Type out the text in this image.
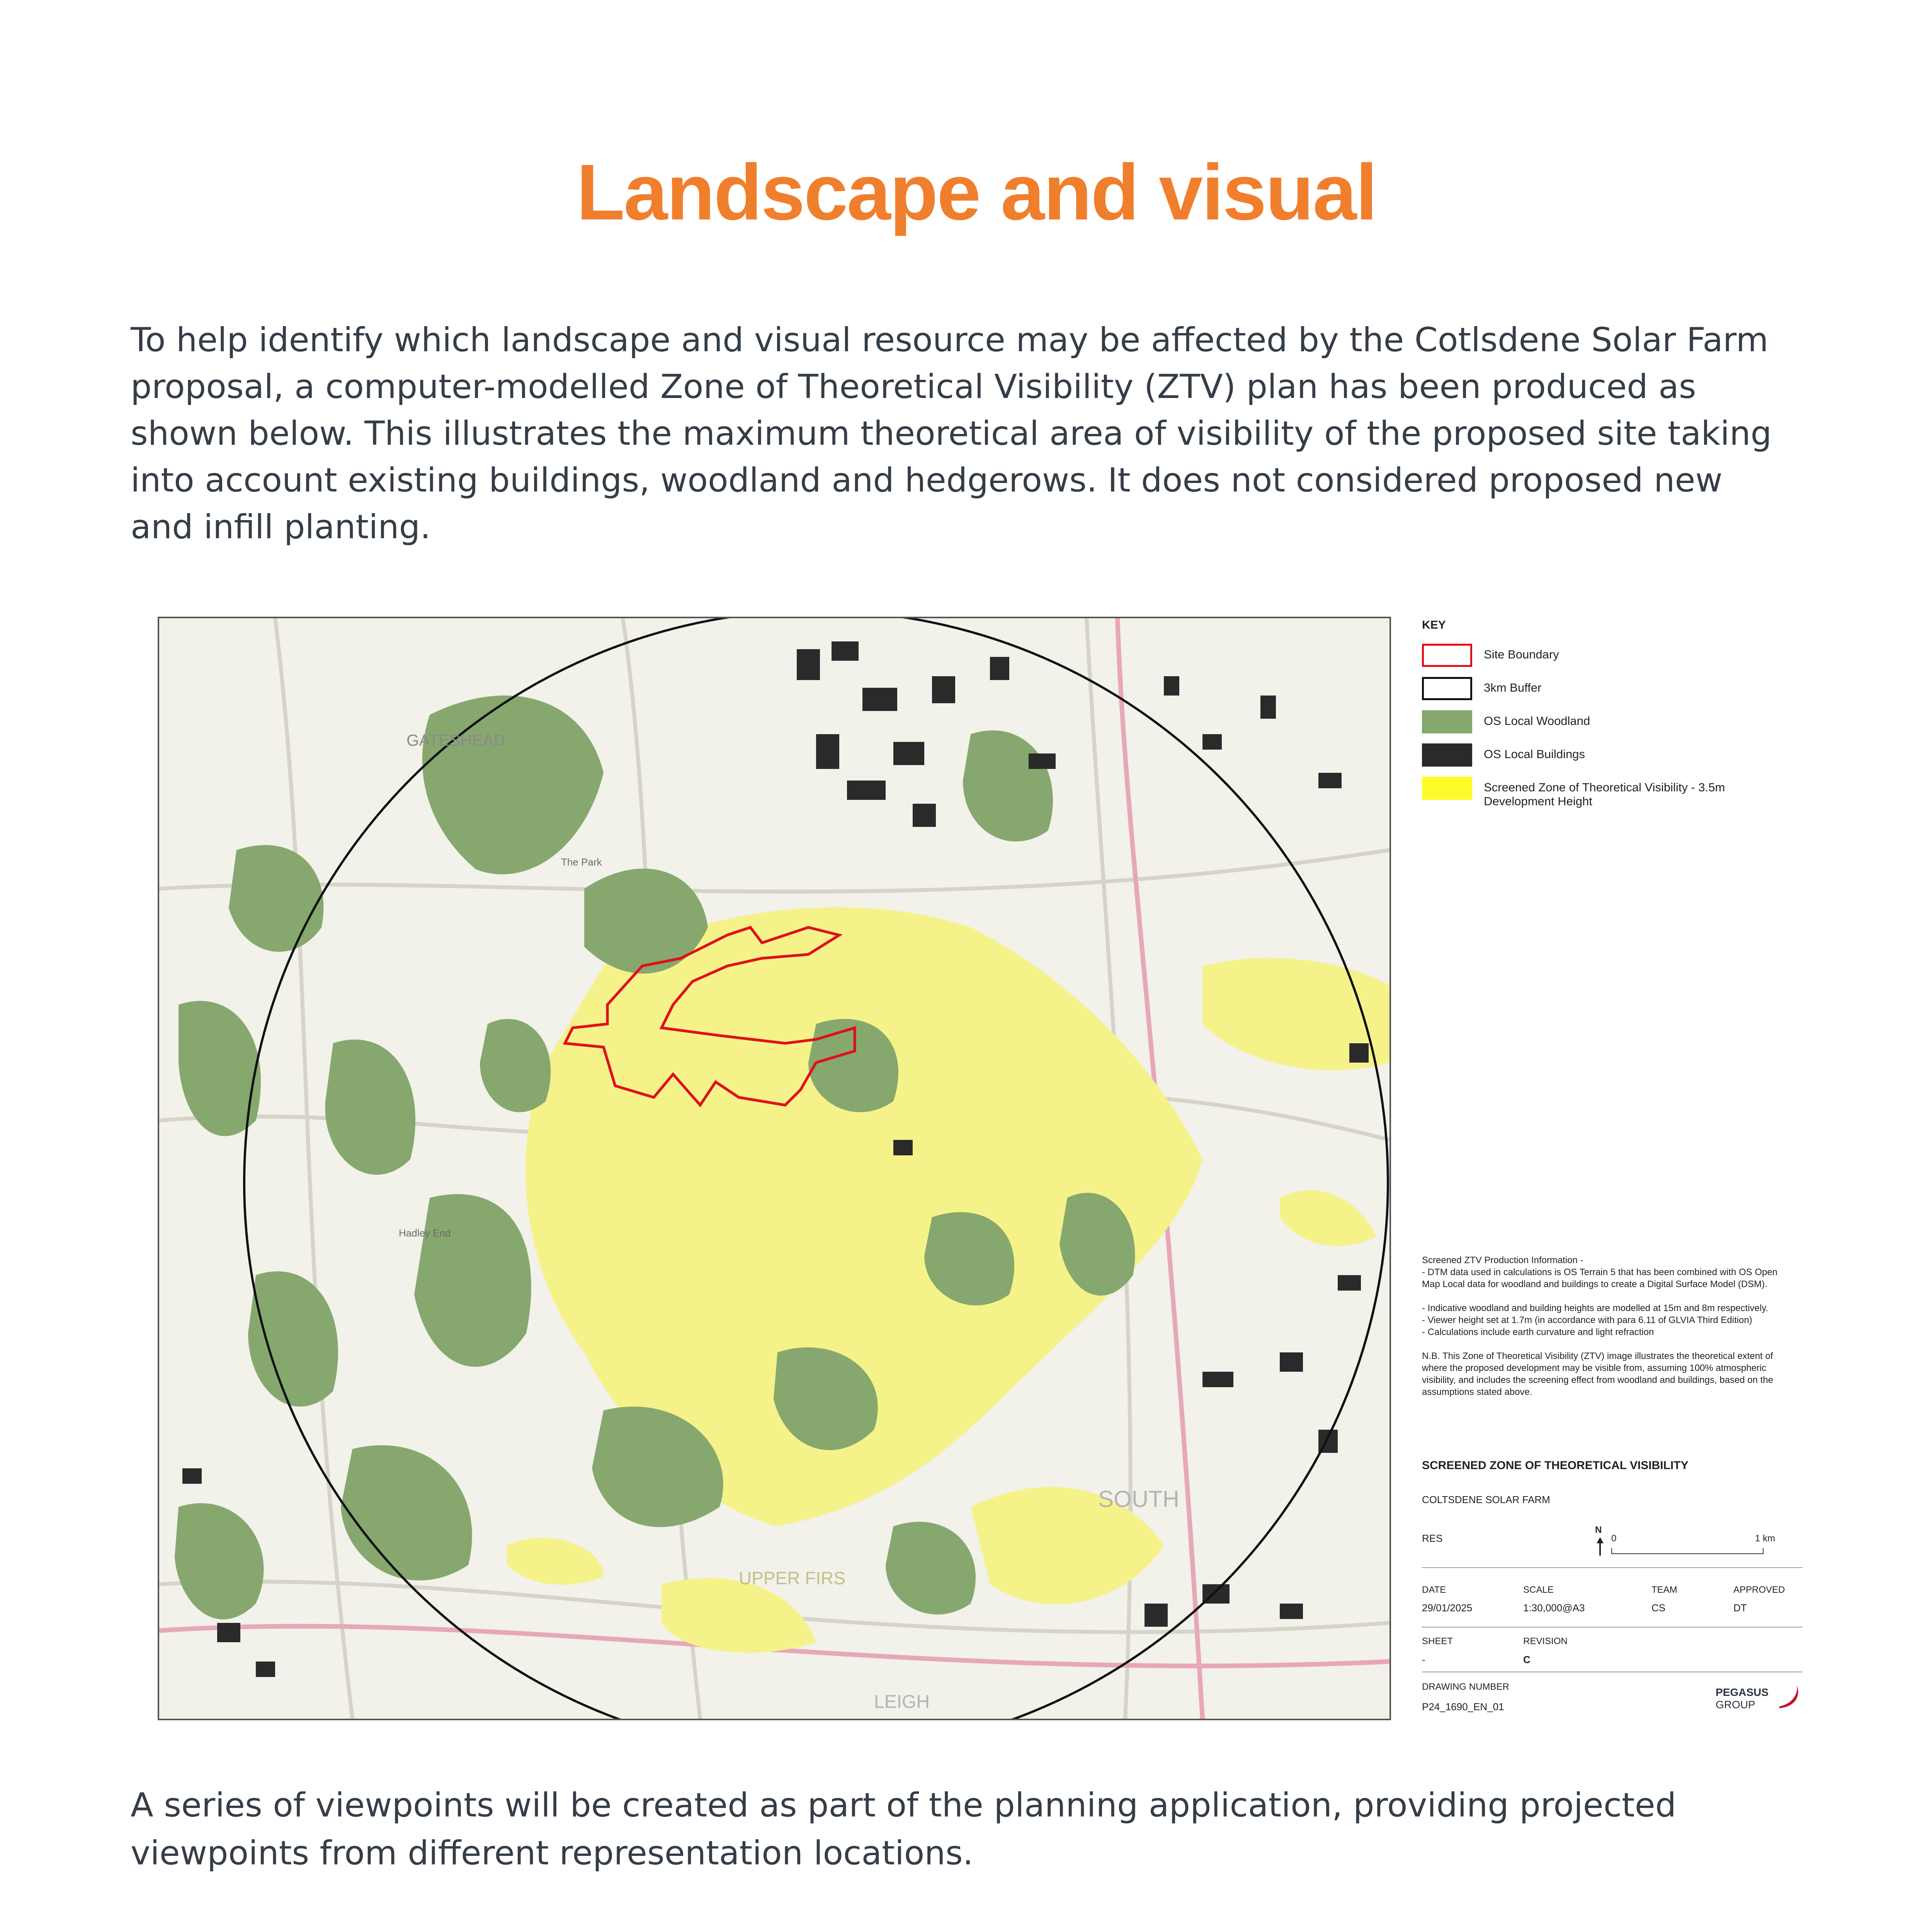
Landscape and visual
To help identify which landscape and visual resource may be affected by the Cotlsdene Solar Farm proposal, a computer-modelled Zone of Theoretical Visibility (ZTV) plan has been produced as shown below. This illustrates the maximum theoretical area of visibility of the proposed site taking into account existing buildings, woodland and hedgerows. It does not considered proposed new and infill planting.
GATESHEAD
The Park
Hadley End
SOUTH
UPPER FIRS
LEIGH
KEY
Site Boundary
3km Buffer
OS Local Woodland
OS Local Buildings
Screened Zone of Theoretical Visibility - 3.5m Development Height
Screened ZTV Production Information -
- DTM data used in calculations is OS Terrain 5 that has been combined with OS Open Map Local data for woodland and buildings to create a Digital Surface Model (DSM).

- Indicative woodland and building heights are modelled at 15m and 8m respectively.
- Viewer height set at 1.7m (in accordance with para 6.11 of GLVIA Third Edition)
- Calculations include earth curvature and light refraction

N.B. This Zone of Theoretical Visibility (ZTV) image illustrates the theoretical extent of where the proposed development may be visible from, assuming 100% atmospheric visibility, and includes the screening effect from woodland and buildings, based on the assumptions stated above.
SCREENED ZONE OF THEORETICAL VISIBILITY
COLTSDENE SOLAR FARM
RES
N
0	1 km
DATE
29/01/2025
SCALE
1:30,000@A3
TEAM
CS
APPROVED
DT
SHEET
-
REVISION
C
DRAWING NUMBER
P24_1690_EN_01
PEGASUS
GROUP
A series of viewpoints will be created as part of the planning application, providing projected viewpoints from different representation locations.
